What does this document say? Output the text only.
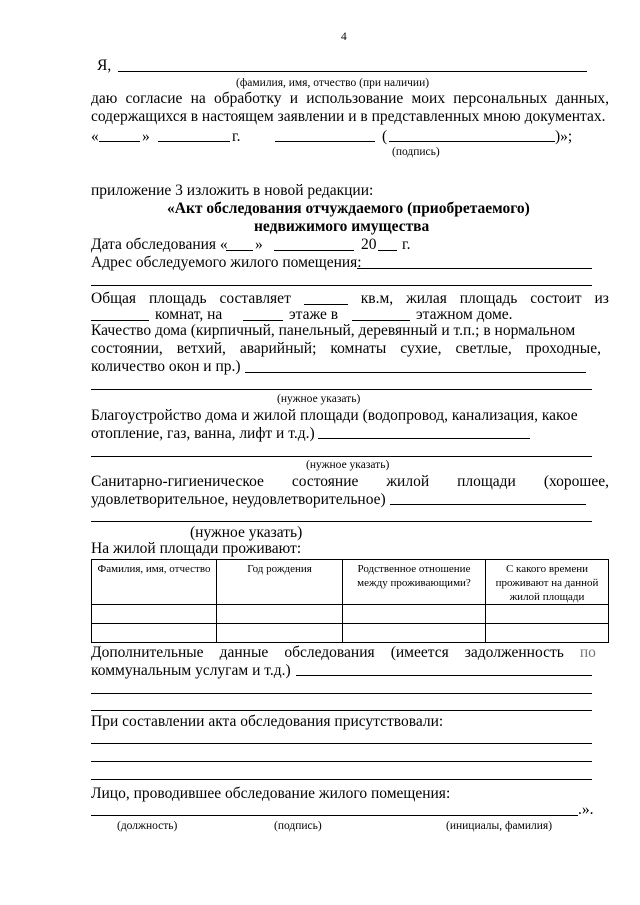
4
Я,
(фамилия, имя, отчество (при наличии)
даю согласие на обработку и использование моих персональных данных,
содержащихся в настоящем заявлении и в представленных мною документах.
«	»	г.	(	)»;
(подпись)
приложение 3 изложить в новой редакции:
«Акт обследования отчуждаемого (приобретаемого)
недвижимого имущества
Дата обследования « »	20 г.
Адрес обследуемого жилого помещения:
Общая площадь составляет	кв.м, жилая площадь состоит из
комнат, на	этаже в	этажном доме.
Качество дома (кирпичный, панельный, деревянный и т.п.; в нормальном
состоянии, ветхий, аварийный; комнаты сухие, светлые, проходные,
количество окон и пр.)
(нужное указать)
Благоустройство дома и жилой площади (водопровод, канализация, какое
отопление, газ, ванна, лифт и т.д.)
(нужное указать)
Санитарно-гигиеническое состояние жилой площади (хорошее,
удовлетворительное, неудовлетворительное)
(нужное указать)
На жилой площади проживают:
Фамилия, имя, отчество	Год рождения	Родственное отношение между проживающими?	С какого времени проживают на данной жилой площади

Дополнительные данные обследования (имеется задолженность по
коммунальным услугам и т.д.)
При составлении акта обследования присутствовали:
Лицо, проводившее обследование жилого помещения:
.».
(должность)	(подпись)	(инициалы, фамилия)
